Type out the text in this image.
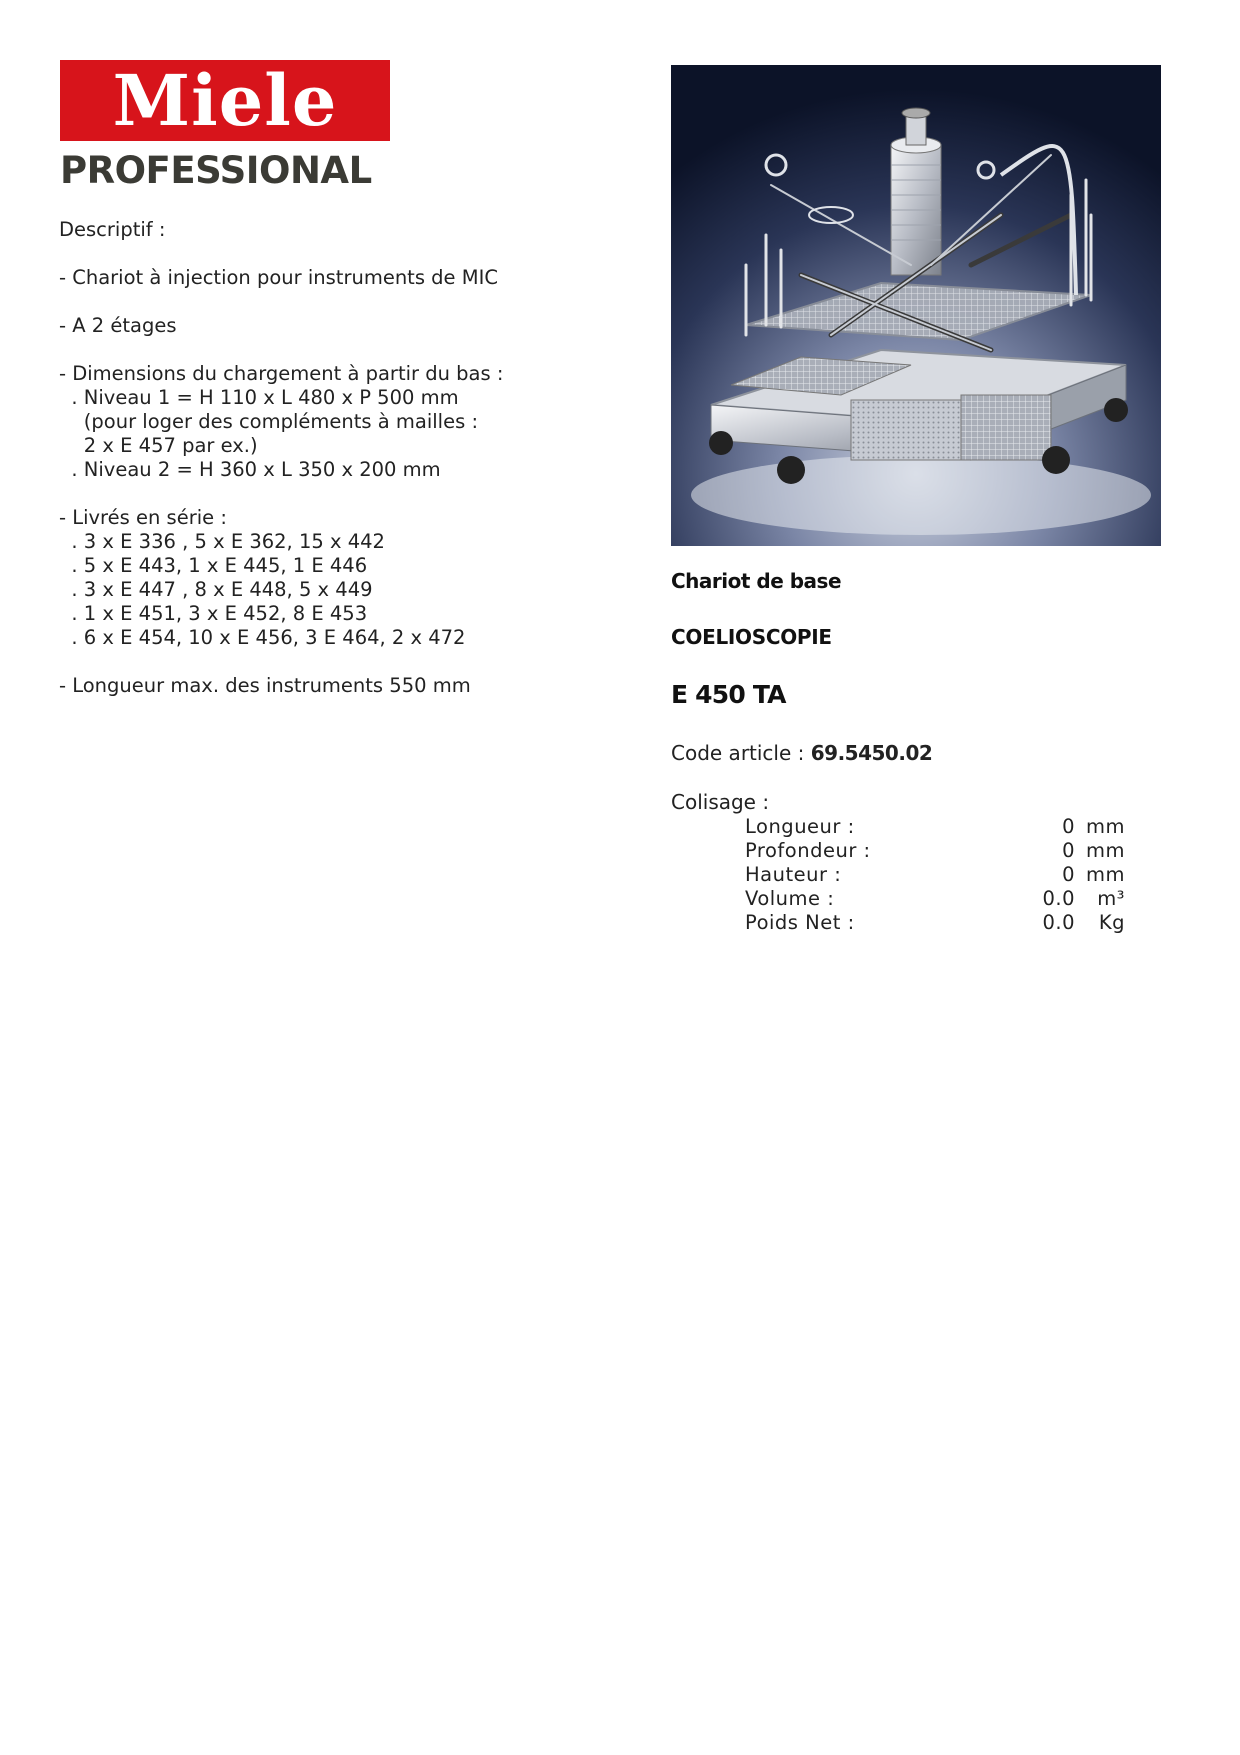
Miele
PROFESSIONAL
Descriptif :
- Chariot à injection pour instruments de MIC
- A 2 étages
- Dimensions du chargement à partir du bas :
. Niveau 1 = H 110 x L 480 x P 500 mm
(pour loger des compléments à mailles :
2 x E 457 par ex.)
. Niveau 2 = H 360 x L 350 x 200 mm
- Livrés en série :
. 3 x E 336 , 5 x E 362, 15 x 442
. 5 x E 443, 1 x E 445, 1 E 446
. 3 x E 447 , 8 x E 448, 5 x 449
. 1 x E 451, 3 x E 452, 8 E 453
. 6 x E 454, 10 x E 456, 3 E 464, 2 x 472
- Longueur max. des instruments 550 mm
Chariot de base
COELIOSCOPIE
E 450 TA
Code article : 69.5450.02
Colisage :
Longueur :	0 mm
Profondeur :	0 mm
Hauteur :	0 mm
Volume :	0.0	m³
Poids Net :	0.0	Kg
